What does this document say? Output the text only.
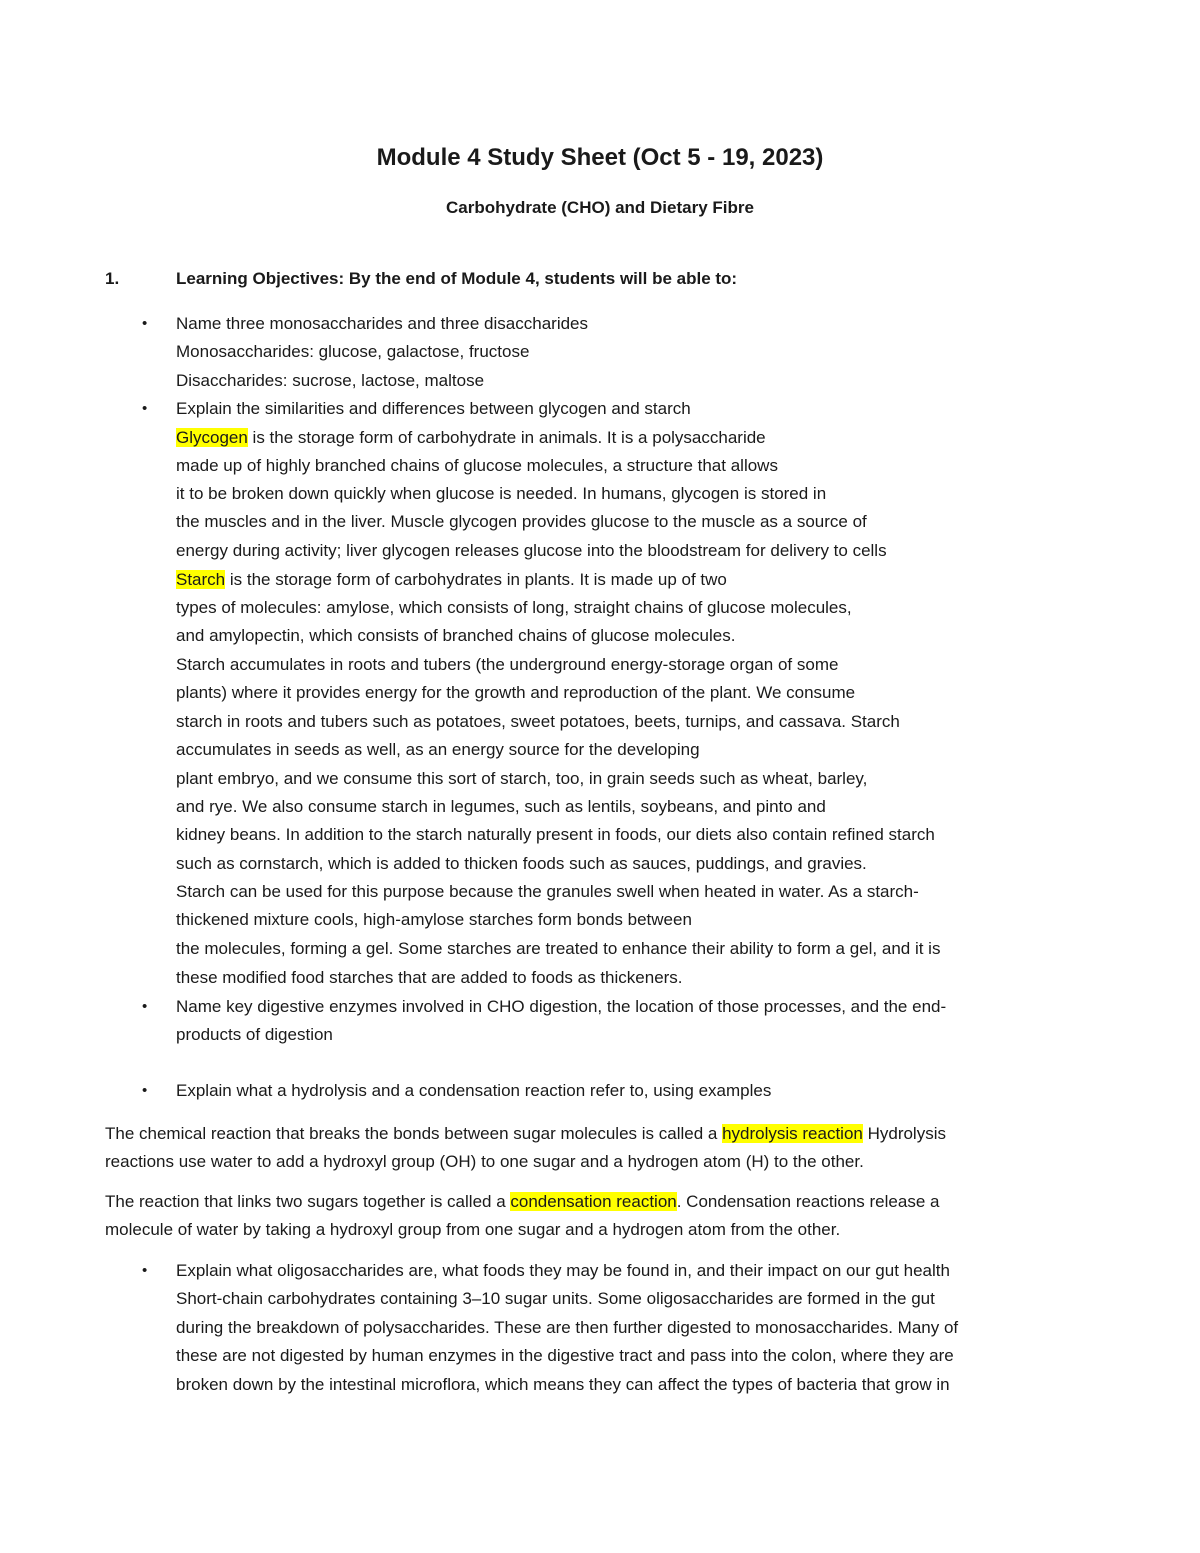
Module 4 Study Sheet (Oct 5 - 19, 2023)
Carbohydrate (CHO) and Dietary Fibre
1.	Learning Objectives: By the end of Module 4, students will be able to:
• Name three monosaccharides and three disaccharides
Monosaccharides: glucose, galactose, fructose
Disaccharides: sucrose, lactose, maltose
• Explain the similarities and differences between glycogen and starch
Glycogen is the storage form of carbohydrate in animals. It is a polysaccharide
made up of highly branched chains of glucose molecules, a structure that allows
it to be broken down quickly when glucose is needed. In humans, glycogen is stored in
the muscles and in the liver. Muscle glycogen provides glucose to the muscle as a source of
energy during activity; liver glycogen releases glucose into the bloodstream for delivery to cells
Starch is the storage form of carbohydrates in plants. It is made up of two
types of molecules: amylose, which consists of long, straight chains of glucose molecules,
and amylopectin, which consists of branched chains of glucose molecules.
Starch accumulates in roots and tubers (the underground energy-storage organ of some
plants) where it provides energy for the growth and reproduction of the plant. We consume
starch in roots and tubers such as potatoes, sweet potatoes, beets, turnips, and cassava. Starch
accumulates in seeds as well, as an energy source for the developing
plant embryo, and we consume this sort of starch, too, in grain seeds such as wheat, barley,
and rye. We also consume starch in legumes, such as lentils, soybeans, and pinto and
kidney beans. In addition to the starch naturally present in foods, our diets also contain refined starch
such as cornstarch, which is added to thicken foods such as sauces, puddings, and gravies.
Starch can be used for this purpose because the granules swell when heated in water. As a starch-
thickened mixture cools, high-amylose starches form bonds between
the molecules, forming a gel. Some starches are treated to enhance their ability to form a gel, and it is
these modified food starches that are added to foods as thickeners.
• Name key digestive enzymes involved in CHO digestion, the location of those processes, and the end-
products of digestion
• Explain what a hydrolysis and a condensation reaction refer to, using examples
The chemical reaction that breaks the bonds between sugar molecules is called a hydrolysis reaction Hydrolysis
reactions use water to add a hydroxyl group (OH) to one sugar and a hydrogen atom (H) to the other.
The reaction that links two sugars together is called a condensation reaction. Condensation reactions release a
molecule of water by taking a hydroxyl group from one sugar and a hydrogen atom from the other.
• Explain what oligosaccharides are, what foods they may be found in, and their impact on our gut health
Short-chain carbohydrates containing 3–10 sugar units. Some oligosaccharides are formed in the gut
during the breakdown of polysaccharides. These are then further digested to monosaccharides. Many of
these are not digested by human enzymes in the digestive tract and pass into the colon, where they are
broken down by the intestinal microflora, which means they can affect the types of bacteria that grow in
